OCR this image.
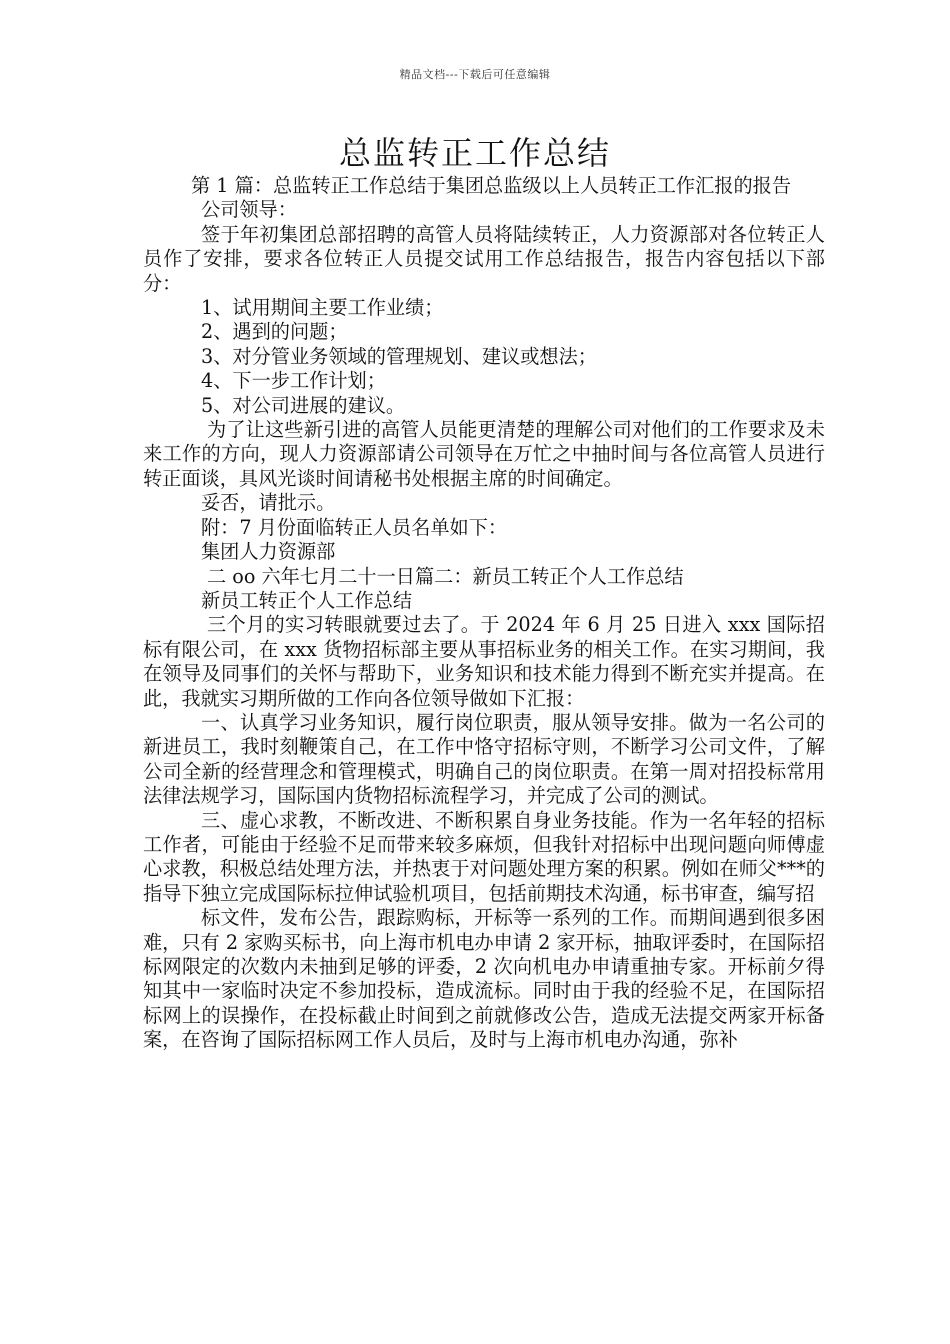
精品文档---下载后可任意编辑
总监转正工作总结

第 1 篇：总监转正工作总结于集团总监级以上人员转正工作汇报的报告

公司领导：

签于年初集团总部招聘的高管人员将陆续转正，人力资源部对各位转正人员作了安排，要求各位转正人员提交试用工作总结报告，报告内容包括以下部分：

1、试用期间主要工作业绩；

2、遇到的问题；

3、对分管业务领域的管理规划、建议或想法；

4、下一步工作计划；

5、对公司进展的建议。

为了让这些新引进的高管人员能更清楚的理解公司对他们的工作要求及未来工作的方向，现人力资源部请公司领导在万忙之中抽时间与各位高管人员进行转正面谈，具风光谈时间请秘书处根据主席的时间确定。

妥否，请批示。

附：7 月份面临转正人员名单如下：

集团人力资源部

二 oo 六年七月二十一日篇二：新员工转正个人工作总结

新员工转正个人工作总结

三个月的实习转眼就要过去了。于 2024 年 6 月 25 日进入 xxx 国际招标有限公司，在 xxx 货物招标部主要从事招标业务的相关工作。在实习期间，我在领导及同事们的关怀与帮助下，业务知识和技术能力得到不断充实并提高。在此，我就实习期所做的工作向各位领导做如下汇报：

一、认真学习业务知识，履行岗位职责，服从领导安排。做为一名公司的新进员工，我时刻鞭策自己，在工作中恪守招标守则，不断学习公司文件，了解公司全新的经营理念和管理模式，明确自己的岗位职责。在第一周对招投标常用法律法规学习，国际国内货物招标流程学习，并完成了公司的测试。

三、虚心求教，不断改进、不断积累自身业务技能。作为一名年轻的招标工作者，可能由于经验不足而带来较多麻烦，但我针对招标中出现问题向师傅虚心求教，积极总结处理方法，并热衷于对问题处理方案的积累。例如在师父***的指导下独立完成国际标拉伸试验机项目，包括前期技术沟通，标书审查，编写招

标文件，发布公告，跟踪购标，开标等一系列的工作。而期间遇到很多困难，只有 2 家购买标书，向上海市机电办申请 2 家开标，抽取评委时，在国际招标网限定的次数内未抽到足够的评委，2 次向机电办申请重抽专家。开标前夕得知其中一家临时决定不参加投标，造成流标。同时由于我的经验不足，在国际招标网上的误操作，在投标截止时间到之前就修改公告，造成无法提交两家开标备案，在咨询了国际招标网工作人员后，及时与上海市机电办沟通，弥补
